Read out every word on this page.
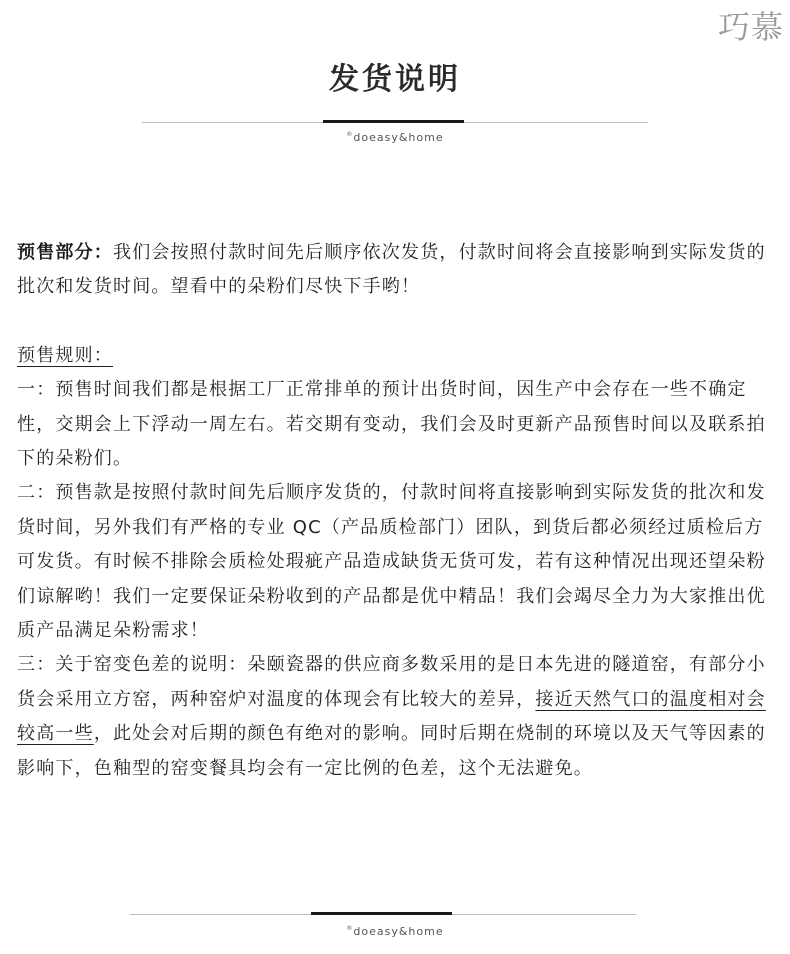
巧慕
发货说明
®doeasy&home

预售部分：我们会按照付款时间先后顺序依次发货，付款时间将会直接影响到实际发货的批次和发货时间。望看中的朵粉们尽快下手哟！

预售规则：

一：预售时间我们都是根据工厂正常排单的预计出货时间，因生产中会存在一些不确定性，交期会上下浮动一周左右。若交期有变动，我们会及时更新产品预售时间以及联系拍下的朵粉们。

二：预售款是按照付款时间先后顺序发货的，付款时间将直接影响到实际发货的批次和发货时间，另外我们有严格的专业 QC（产品质检部门）团队，到货后都必须经过质检后方可发货。有时候不排除会质检处瑕疵产品造成缺货无货可发，若有这种情况出现还望朵粉们谅解哟！我们一定要保证朵粉收到的产品都是优中精品！我们会竭尽全力为大家推出优质产品满足朵粉需求！

三：关于窑变色差的说明：朵颐瓷器的供应商多数采用的是日本先进的隧道窑，有部分小货会采用立方窑，两种窑炉对温度的体现会有比较大的差异，接近天然气口的温度相对会较高一些，此处会对后期的颜色有绝对的影响。同时后期在烧制的环境以及天气等因素的影响下，色釉型的窑变餐具均会有一定比例的色差，这个无法避免。

®doeasy&home
